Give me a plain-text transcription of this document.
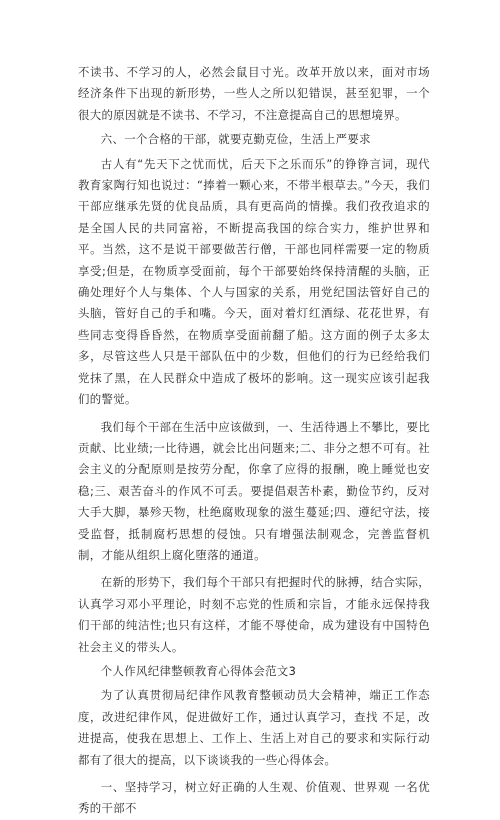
不读书、不学习的人，必然会鼠目寸光。改革开放以来，面对市场经济条件下出现的新形势，一些人之所以犯错误，甚至犯罪，一个很大的原因就是不读书、不学习，不注意提高自己的思想境界。

六、一个合格的干部，就要克勤克俭，生活上严要求

古人有“先天下之忧而忧，后天下之乐而乐”的铮铮言词，现代教育家陶行知也说过：“捧着一颗心来，不带半根草去。”今天，我们干部应继承先贤的优良品质，具有更高尚的情操。我们孜孜追求的是全国人民的共同富裕，不断提高我国的综合实力，维护世界和平。当然，这不是说干部要做苦行僧，干部也同样需要一定的物质享受;但是，在物质享受面前，每个干部要始终保持清醒的头脑，正确处理好个人与集体、个人与国家的关系，用党纪国法管好自己的头脑，管好自己的手和嘴。今天，面对着灯红酒绿、花花世界，有些同志变得昏昏然，在物质享受面前翻了船。这方面的例子太多太多，尽管这些人只是干部队伍中的少数，但他们的行为已经给我们党抹了黑，在人民群众中造成了极坏的影响。这一现实应该引起我们的警觉。

我们每个干部在生活中应该做到，一、生活待遇上不攀比，要比贡献、比业绩;一比待遇，就会比出问题来;二、非分之想不可有。社会主义的分配原则是按劳分配，你拿了应得的报酬，晚上睡觉也安稳;三、艰苦奋斗的作风不可丢。要提倡艰苦朴素，勤俭节约，反对大手大脚，暴殄天物，杜绝腐败现象的滋生蔓延;四、遵纪守法，接受监督，抵制腐朽思想的侵蚀。只有增强法制观念，完善监督机制，才能从组织上腐化堕落的通道。

在新的形势下，我们每个干部只有把握时代的脉搏，结合实际，认真学习邓小平理论，时刻不忘党的性质和宗旨，才能永远保持我们干部的纯洁性;也只有这样，才能不辱使命，成为建设有中国特色社会主义的带头人。

个人作风纪律整顿教育心得体会范文3

为了认真贯彻局纪律作风教育整顿动员大会精神，端正工作态度，改进纪律作风，促进做好工作，通过认真学习，查找 不足，改进提高，使我在思想上、工作上、生活上对自己的要求和实际行动都有了很大的提高，以下谈谈我的一些心得体会。

一、坚持学习，树立好正确的人生观、价值观、世界观 一名优秀的干部不
